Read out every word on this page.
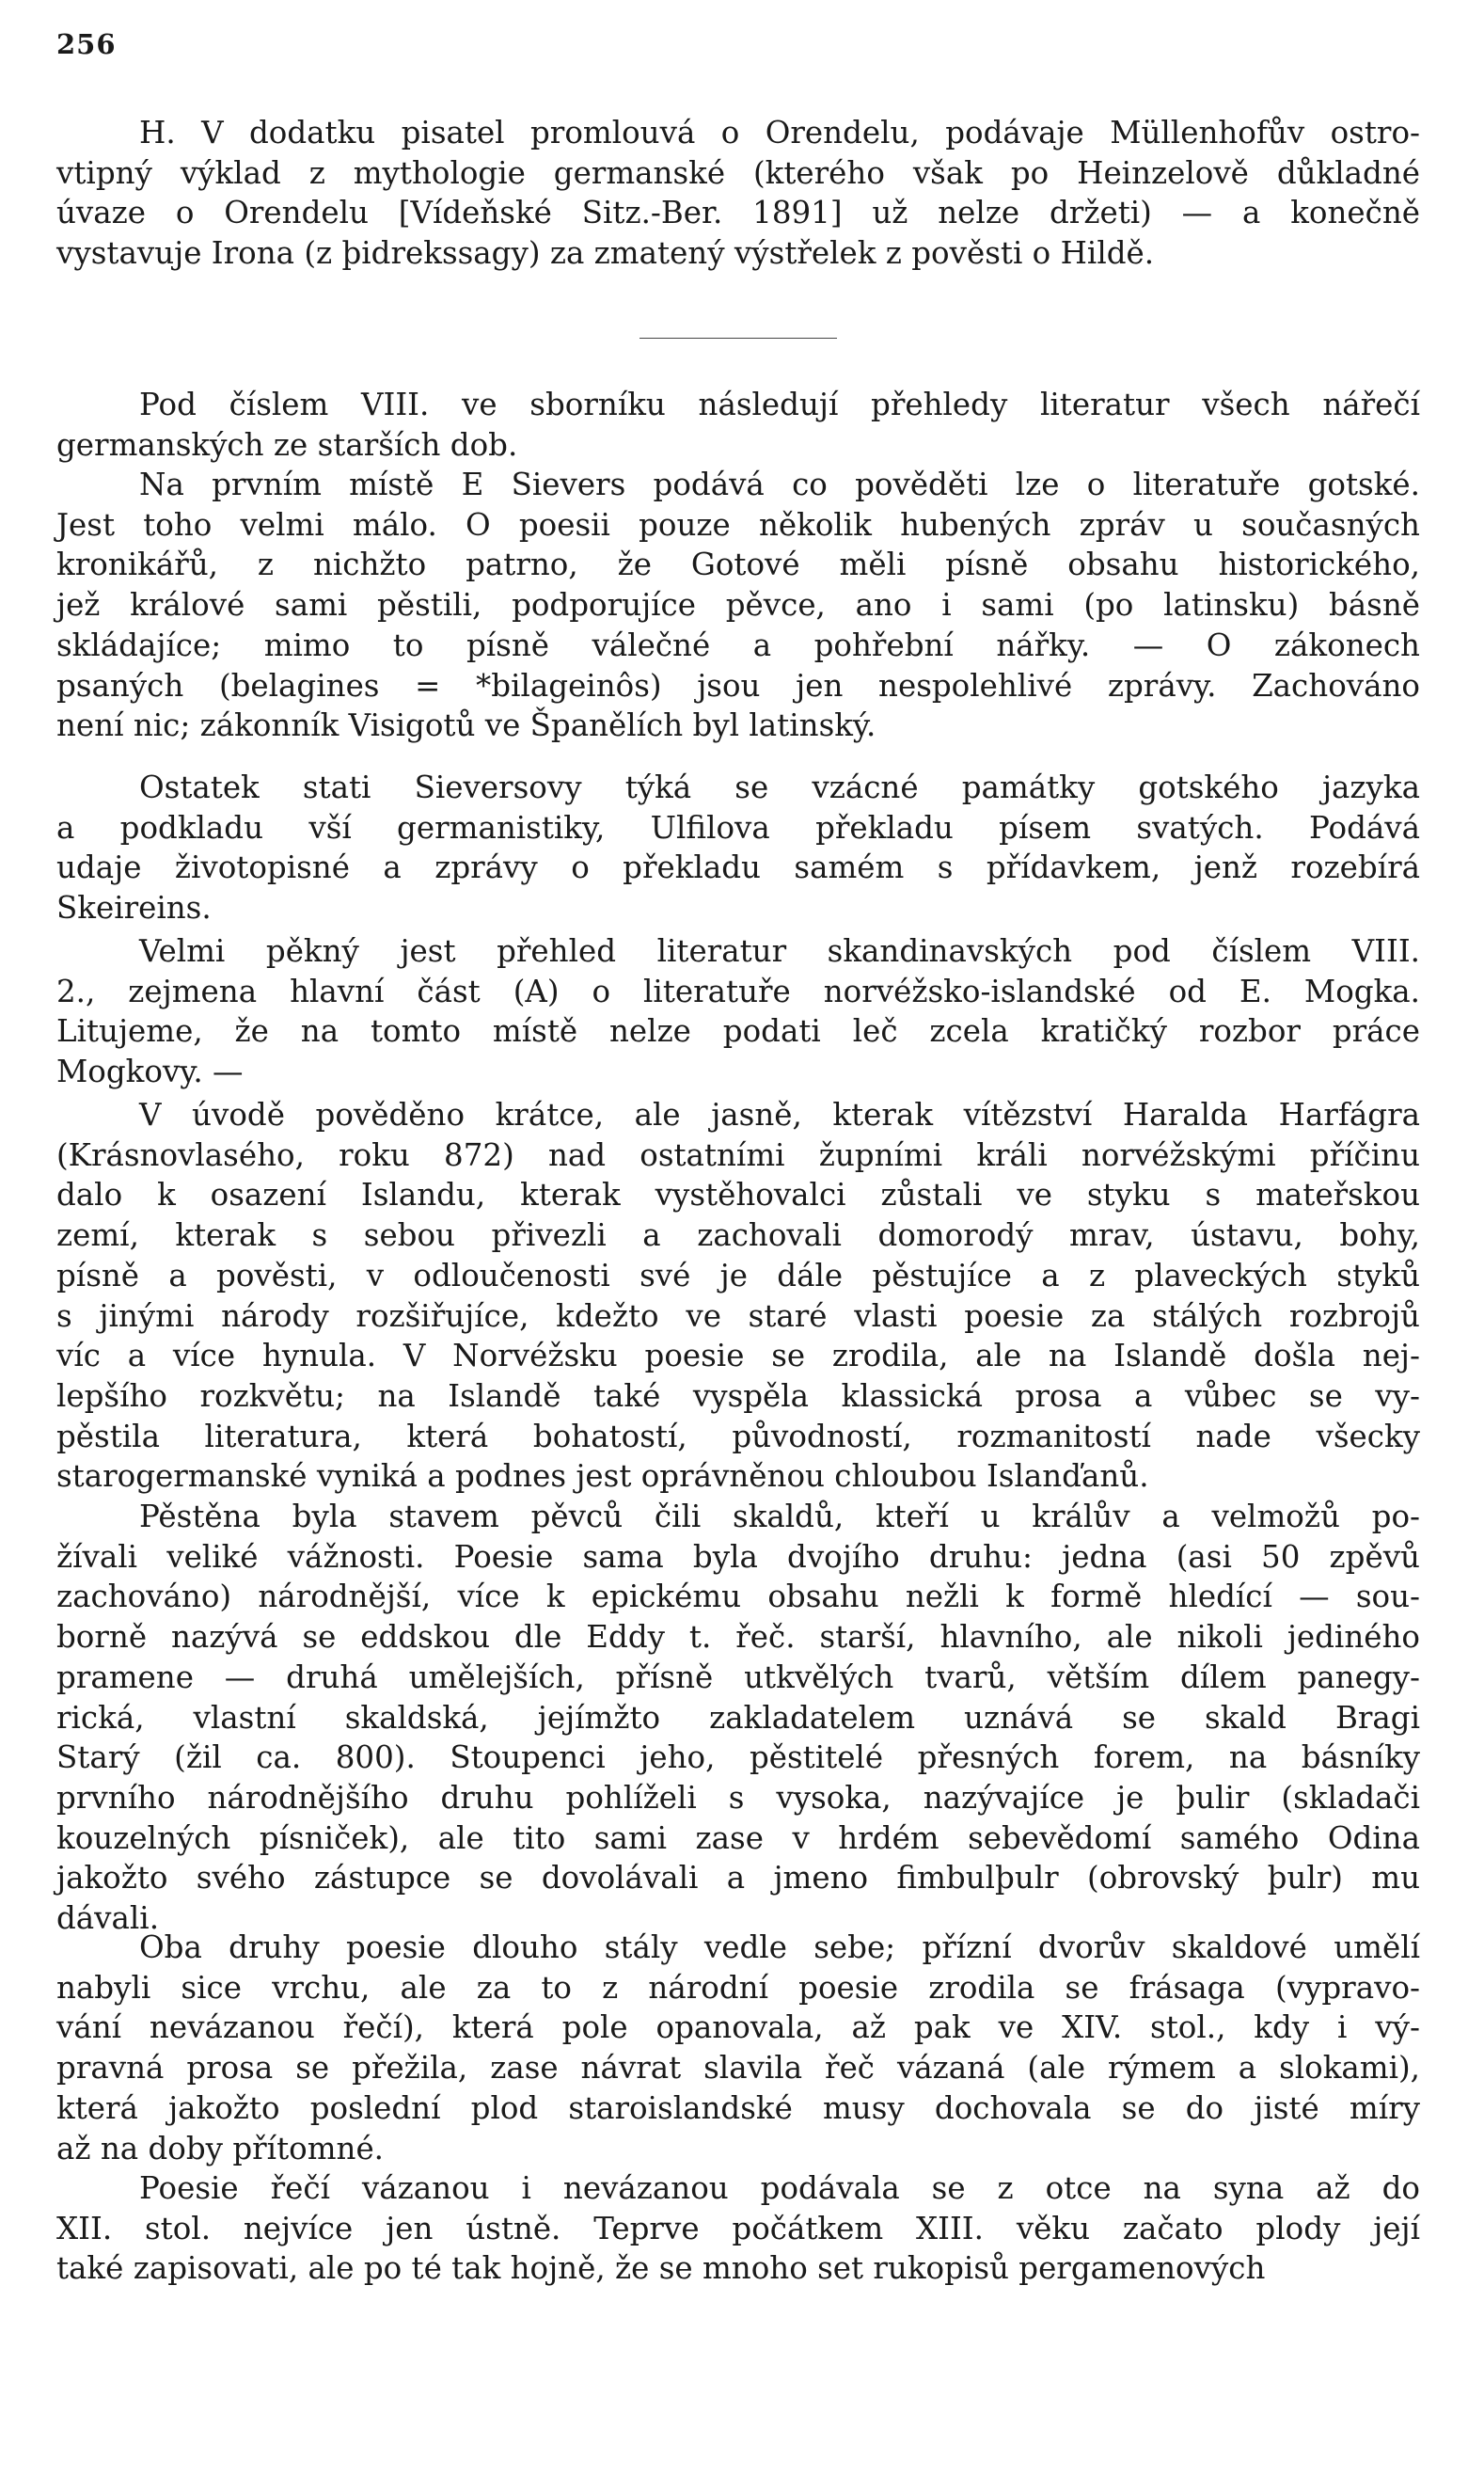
256
H. V dodatku pisatel promlouvá o Orendelu, podávaje Müllenhofův ostro-
vtipný výklad z mythologie germanské (kterého však po Heinzelově důkladné
úvaze o Orendelu [Vídeňské Sitz.-Ber. 1891] už nelze držeti) — a konečně
vystavuje Irona (z þidrekssagy) za zmatený výstřelek z pověsti o Hildě.
Pod číslem VIII. ve sborníku následují přehledy literatur všech nářečí
germanských ze starších dob.
Na prvním místě E Sievers podává co pověděti lze o literatuře gotské.
Jest toho velmi málo. O poesii pouze několik hubených zpráv u současných
kronikářů, z nichžto patrno, že Gotové měli písně obsahu historického,
jež králové sami pěstili, podporujíce pěvce, ano i sami (po latinsku) básně
skládajíce; mimo to písně válečné a pohřební nářky. — O zákonech
psaných (belagines = *bilageinôs) jsou jen nespolehlivé zprávy. Zachováno
není nic; zákonník Visigotů ve Španělích byl latinský.
Ostatek stati Sieversovy týká se vzácné památky gotského jazyka
a podkladu vší germanistiky, Ulfilova překladu písem svatých. Podává
udaje životopisné a zprávy o překladu samém s přídavkem, jenž rozebírá
Skeireins.
Velmi pěkný jest přehled literatur skandinavských pod číslem VIII.
2., zejmena hlavní část (A) o literatuře norvéžsko-islandské od E. Mogka.
Litujeme, že na tomto místě nelze podati leč zcela kratičký rozbor práce
Mogkovy. —
V úvodě pověděno krátce, ale jasně, kterak vítězství Haralda Harfágra
(Krásnovlasého, roku 872) nad ostatními župními králi norvéžskými příčinu
dalo k osazení Islandu, kterak vystěhovalci zůstali ve styku s mateřskou
zemí, kterak s sebou přivezli a zachovali domorodý mrav, ústavu, bohy,
písně a pověsti, v odloučenosti své je dále pěstujíce a z plaveckých styků
s jinými národy rozšiřujíce, kdežto ve staré vlasti poesie za stálých rozbrojů
víc a více hynula. V Norvéžsku poesie se zrodila, ale na Islandě došla nej-
lepšího rozkvětu; na Islandě také vyspěla klassická prosa a vůbec se vy-
pěstila literatura, která bohatostí, původností, rozmanitostí nade všecky
starogermanské vyniká a podnes jest oprávněnou chloubou Islanďanů.
Pěstěna byla stavem pěvců čili skaldů, kteří u králův a velmožů po-
žívali veliké vážnosti. Poesie sama byla dvojího druhu: jedna (asi 50 zpěvů
zachováno) národnější, více k epickému obsahu nežli k formě hledící — sou-
borně nazývá se eddskou dle Eddy t. řeč. starší, hlavního, ale nikoli jediného
pramene — druhá umělejších, přísně utkvělých tvarů, větším dílem panegy-
rická, vlastní skaldská, jejímžto zakladatelem uznává se skald Bragi
Starý (žil ca. 800). Stoupenci jeho, pěstitelé přesných forem, na básníky
prvního národnějšího druhu pohlíželi s vysoka, nazývajíce je þulir (skladači
kouzelných písniček), ale tito sami zase v hrdém sebevědomí samého Odina
jakožto svého zástupce se dovolávali a jmeno fimbulþulr (obrovský þulr) mu
dávali.
Oba druhy poesie dlouho stály vedle sebe; přízní dvorův skaldové umělí
nabyli sice vrchu, ale za to z národní poesie zrodila se frásaga (vypravo-
vání nevázanou řečí), která pole opanovala, až pak ve XIV. stol., kdy i vý-
pravná prosa se přežila, zase návrat slavila řeč vázaná (ale rýmem a slokami),
která jakožto poslední plod staroislandské musy dochovala se do jisté míry
až na doby přítomné.
Poesie řečí vázanou i nevázanou podávala se z otce na syna až do
XII. stol. nejvíce jen ústně. Teprve počátkem XIII. věku začato plody její
také zapisovati, ale po té tak hojně, že se mnoho set rukopisů pergamenových
